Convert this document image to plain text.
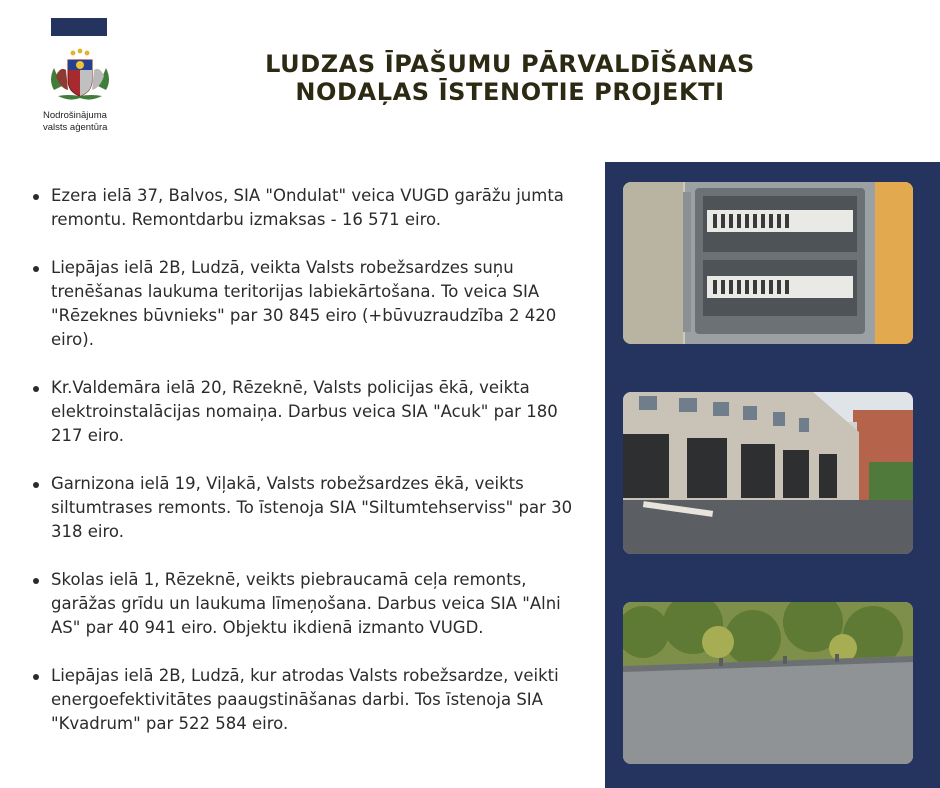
Nodrošinājuma
valsts aģentūra
LUDZAS ĪPAŠUMU PĀRVALDĪŠANAS
NODAĻAS ĪSTENOTIE PROJEKTI
Ezera ielā 37, Balvos, SIA "Ondulat" veica VUGD garāžu jumta remontu. Remontdarbu izmaksas - 16 571 eiro.
Liepājas ielā 2B, Ludzā, veikta Valsts robežsardzes suņu trenēšanas laukuma teritorijas labiekārtošana. To veica SIA "Rēzeknes būvnieks" par 30 845 eiro (+būvuzraudzība 2 420 eiro).
Kr.Valdemāra ielā 20, Rēzeknē, Valsts policijas ēkā, veikta elektroinstalācijas nomaiņa. Darbus veica SIA "Acuk" par 180 217 eiro.
Garnizona ielā 19, Viļakā, Valsts robežsardzes ēkā, veikts siltumtrases remonts. To īstenoja SIA "Siltumtehserviss" par 30 318 eiro.
Skolas ielā 1, Rēzeknē, veikts piebraucamā ceļa remonts, garāžas grīdu un laukuma līmeņošana. Darbus veica SIA "Alni AS" par 40 941 eiro. Objektu ikdienā izmanto VUGD.
Liepājas ielā 2B, Ludzā, kur atrodas Valsts robežsardze, veikti energoefektivitātes paaugstināšanas darbi. Tos īstenoja SIA "Kvadrum" par 522 584 eiro.
